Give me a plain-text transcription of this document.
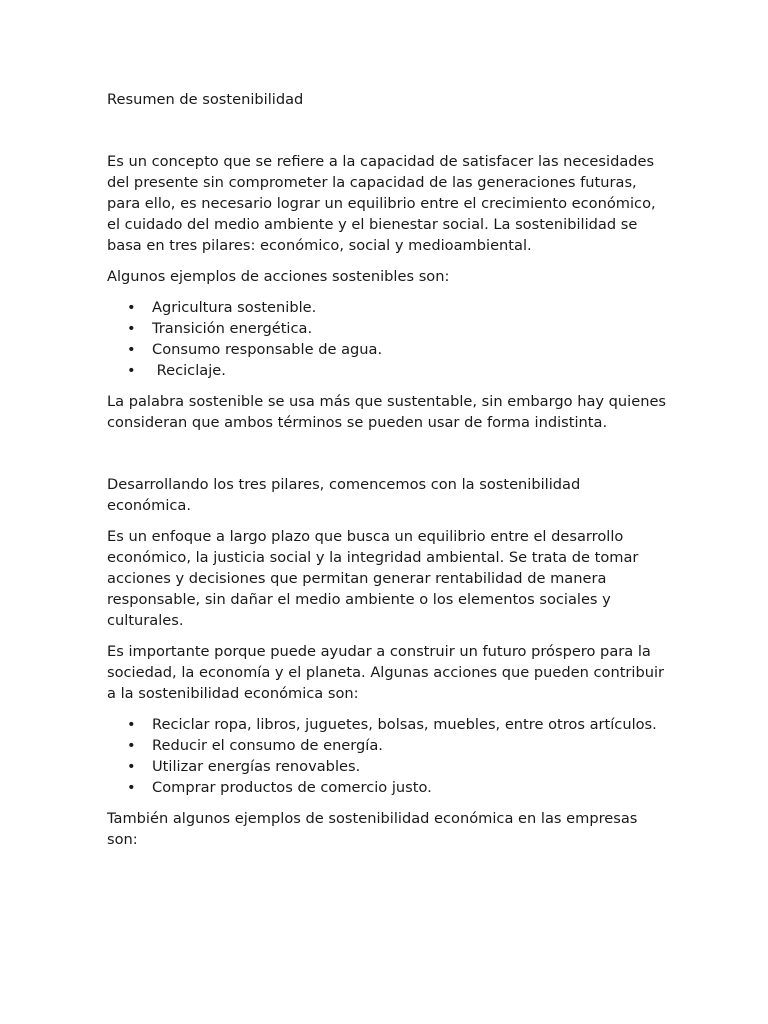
Resumen de sostenibilidad

Es un concepto que se refiere a la capacidad de satisfacer las necesidades del presente sin comprometer la capacidad de las generaciones futuras, para ello, es necesario lograr un equilibrio entre el crecimiento económico, el cuidado del medio ambiente y el bienestar social. La sostenibilidad se basa en tres pilares: económico, social y medioambiental.

Algunos ejemplos de acciones sostenibles son:

• Agricultura sostenible.
• Transición energética.
• Consumo responsable de agua.
• Reciclaje.

La palabra sostenible se usa más que sustentable, sin embargo hay quienes consideran que ambos términos se pueden usar de forma indistinta.

Desarrollando los tres pilares, comencemos con la sostenibilidad económica.

Es un enfoque a largo plazo que busca un equilibrio entre el desarrollo económico, la justicia social y la integridad ambiental. Se trata de tomar acciones y decisiones que permitan generar rentabilidad de manera responsable, sin dañar el medio ambiente o los elementos sociales y culturales.

Es importante porque puede ayudar a construir un futuro próspero para la sociedad, la economía y el planeta. Algunas acciones que pueden contribuir a la sostenibilidad económica son:

• Reciclar ropa, libros, juguetes, bolsas, muebles, entre otros artículos.
• Reducir el consumo de energía.
• Utilizar energías renovables.
• Comprar productos de comercio justo.

También algunos ejemplos de sostenibilidad económica en las empresas son:
